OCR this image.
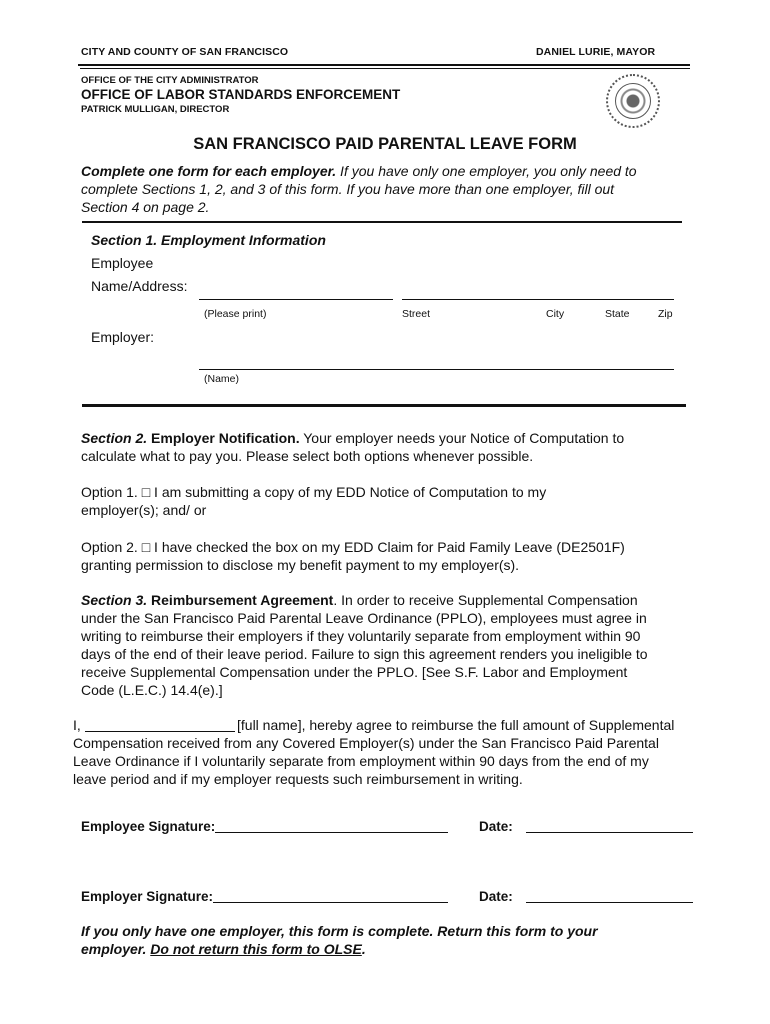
CITY AND COUNTY OF SAN FRANCISCO	DANIEL LURIE, MAYOR
OFFICE OF THE CITY ADMINISTRATOR
OFFICE OF LABOR STANDARDS ENFORCEMENT
PATRICK MULLIGAN, DIRECTOR
SAN FRANCISCO PAID PARENTAL LEAVE FORM
Complete one form for each employer. If you have only one employer, you only need to
complete Sections 1, 2, and 3 of this form. If you have more than one employer, fill out
Section 4 on page 2.
Section 1. Employment Information
Employee
Name/Address:
(Please print)	Street	City	State	Zip
Employer:
(Name)
Section 2. Employer Notification. Your employer needs your Notice of Computation to
calculate what to pay you. Please select both options whenever possible.
Option 1. □ I am submitting a copy of my EDD Notice of Computation to my
employer(s); and/ or
Option 2. □ I have checked the box on my EDD Claim for Paid Family Leave (DE2501F)
granting permission to disclose my benefit payment to my employer(s).
Section 3. Reimbursement Agreement. In order to receive Supplemental Compensation
under the San Francisco Paid Parental Leave Ordinance (PPLO), employees must agree in
writing to reimburse their employers if they voluntarily separate from employment within 90
days of the end of their leave period. Failure to sign this agreement renders you ineligible to
receive Supplemental Compensation under the PPLO. [See S.F. Labor and Employment
Code (L.E.C.) 14.4(e).]
I,	[full name], hereby agree to reimburse the full amount of Supplemental
Compensation received from any Covered Employer(s) under the San Francisco Paid Parental
Leave Ordinance if I voluntarily separate from employment within 90 days from the end of my
leave period and if my employer requests such reimbursement in writing.
Employee Signature:	Date:
Employer Signature:	Date:
If you only have one employer, this form is complete. Return this form to your
employer. Do not return this form to OLSE.
